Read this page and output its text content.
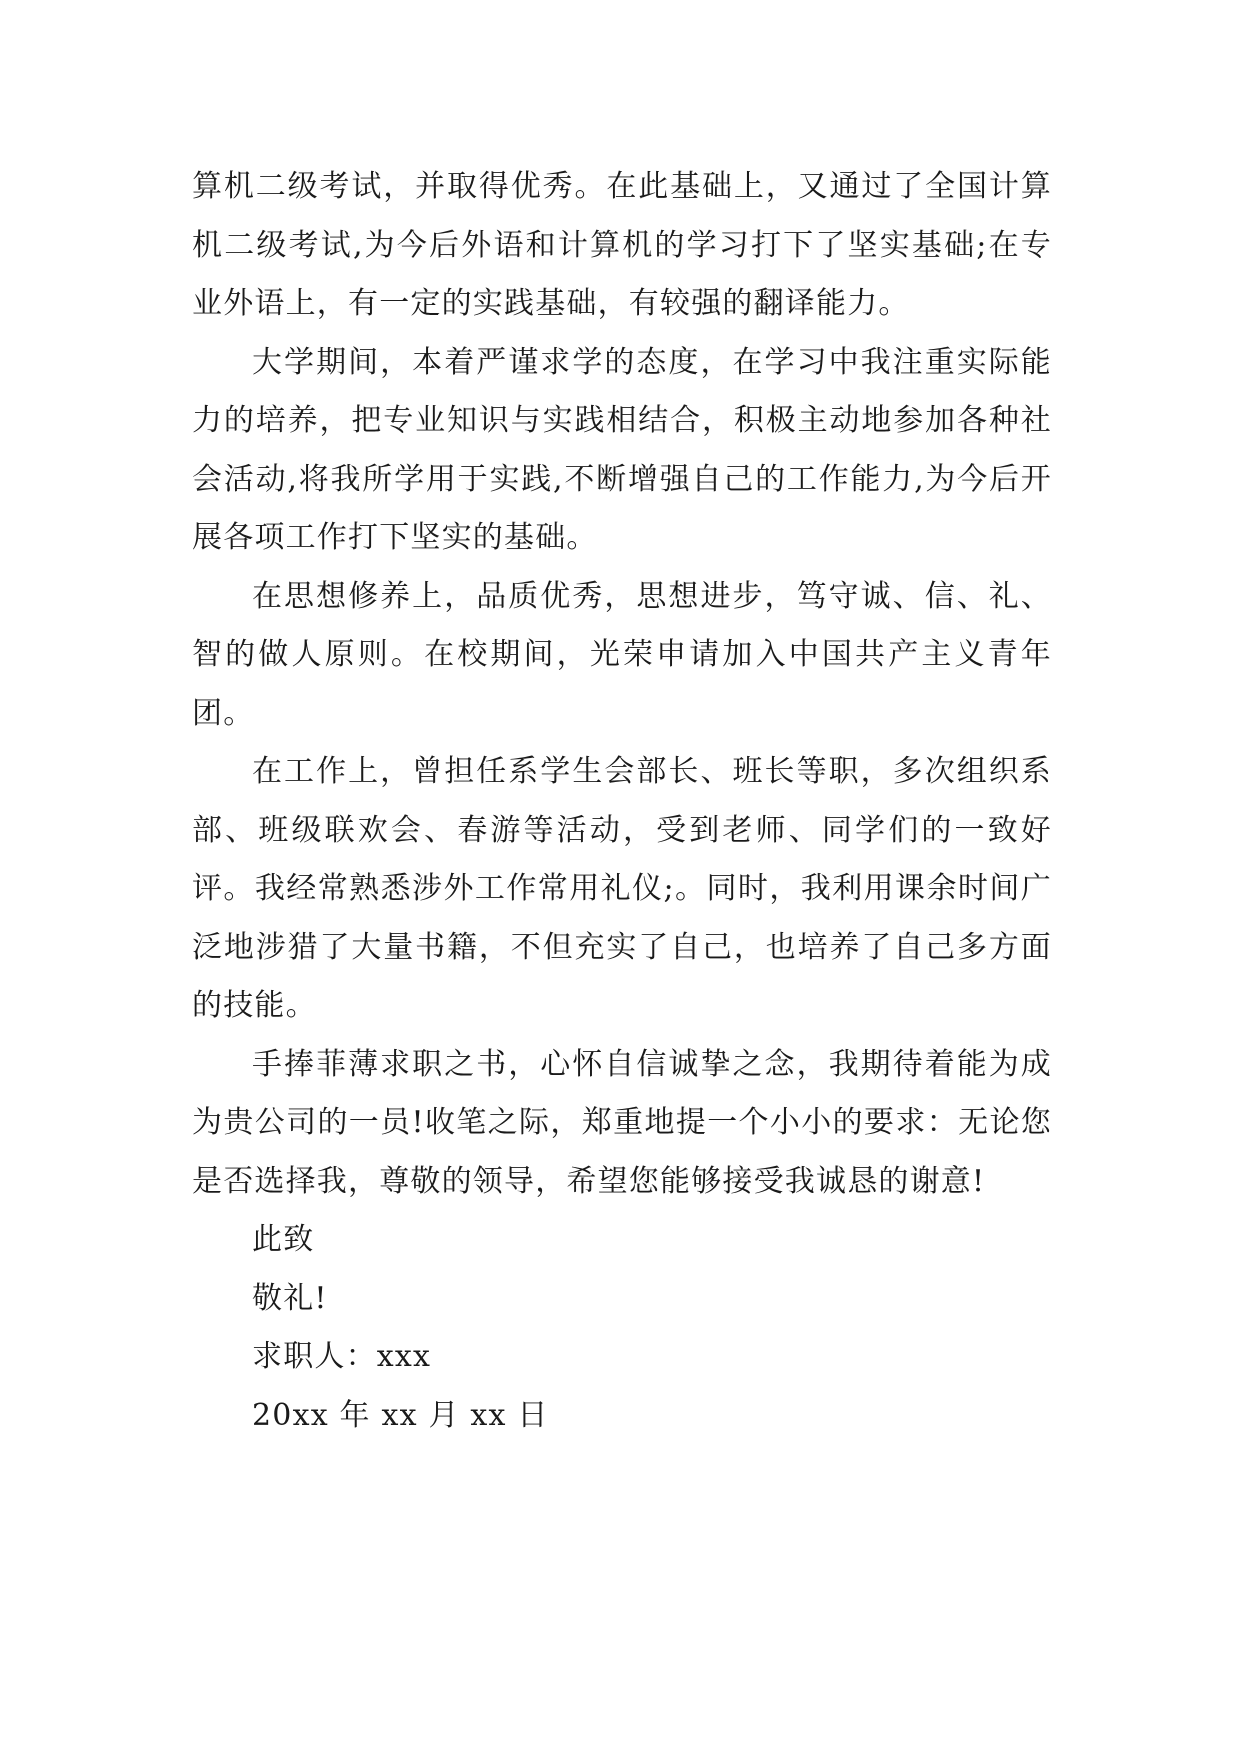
算机二级考试，并取得优秀。在此基础上，又通过了全国计算机二级考试,为今后外语和计算机的学习打下了坚实基础;在专业外语上，有一定的实践基础，有较强的翻译能力。

大学期间，本着严谨求学的态度，在学习中我注重实际能力的培养，把专业知识与实践相结合，积极主动地参加各种社会活动,将我所学用于实践,不断增强自己的工作能力,为今后开展各项工作打下坚实的基础。

在思想修养上，品质优秀，思想进步，笃守诚、信、礼、智的做人原则。在校期间，光荣申请加入中国共产主义青年团。

在工作上，曾担任系学生会部长、班长等职，多次组织系部、班级联欢会、春游等活动，受到老师、同学们的一致好评。我经常熟悉涉外工作常用礼仪;。同时，我利用课余时间广泛地涉猎了大量书籍，不但充实了自己，也培养了自己多方面的技能。

手捧菲薄求职之书，心怀自信诚挚之念，我期待着能为成为贵公司的一员!收笔之际，郑重地提一个小小的要求：无论您是否选择我，尊敬的领导，希望您能够接受我诚恳的谢意!

此致

敬礼!

求职人：xxx

20xx 年 xx 月 xx 日
